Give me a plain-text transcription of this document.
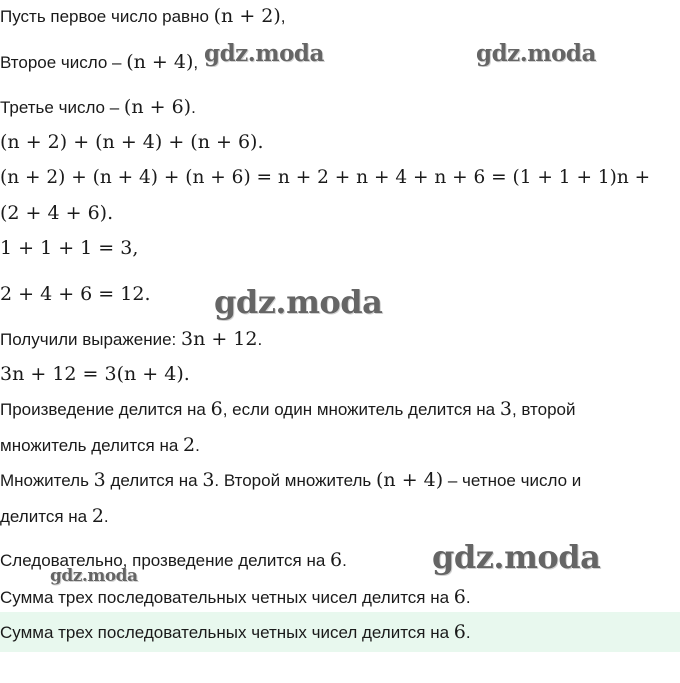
Пусть первое число равно (n + 2),
Второе число – (n + 4),
Третье число – (n + 6).
(n + 2) + (n + 4) + (n + 6).
(n + 2) + (n + 4) + (n + 6) = n + 2 + n + 4 + n + 6 = (1 + 1 + 1)n +
(2 + 4 + 6).
1 + 1 + 1 = 3,
2 + 4 + 6 = 12.
Получили выражение: 3n + 12.
3n + 12 = 3(n + 4).
Произведение делится на 6, если один множитель делится на 3, второй
множитель делится на 2.
Множитель 3 делится на 3. Второй множитель (n + 4) – четное число и
делится на 2.
Следовательно, прозведение делится на 6.
Сумма трех последовательных четных чисел делится на 6.
Сумма трех последовательных четных чисел делится на 6.
gdz.moda	gdz.moda
gdz.moda
gdz.moda
gdz.moda
